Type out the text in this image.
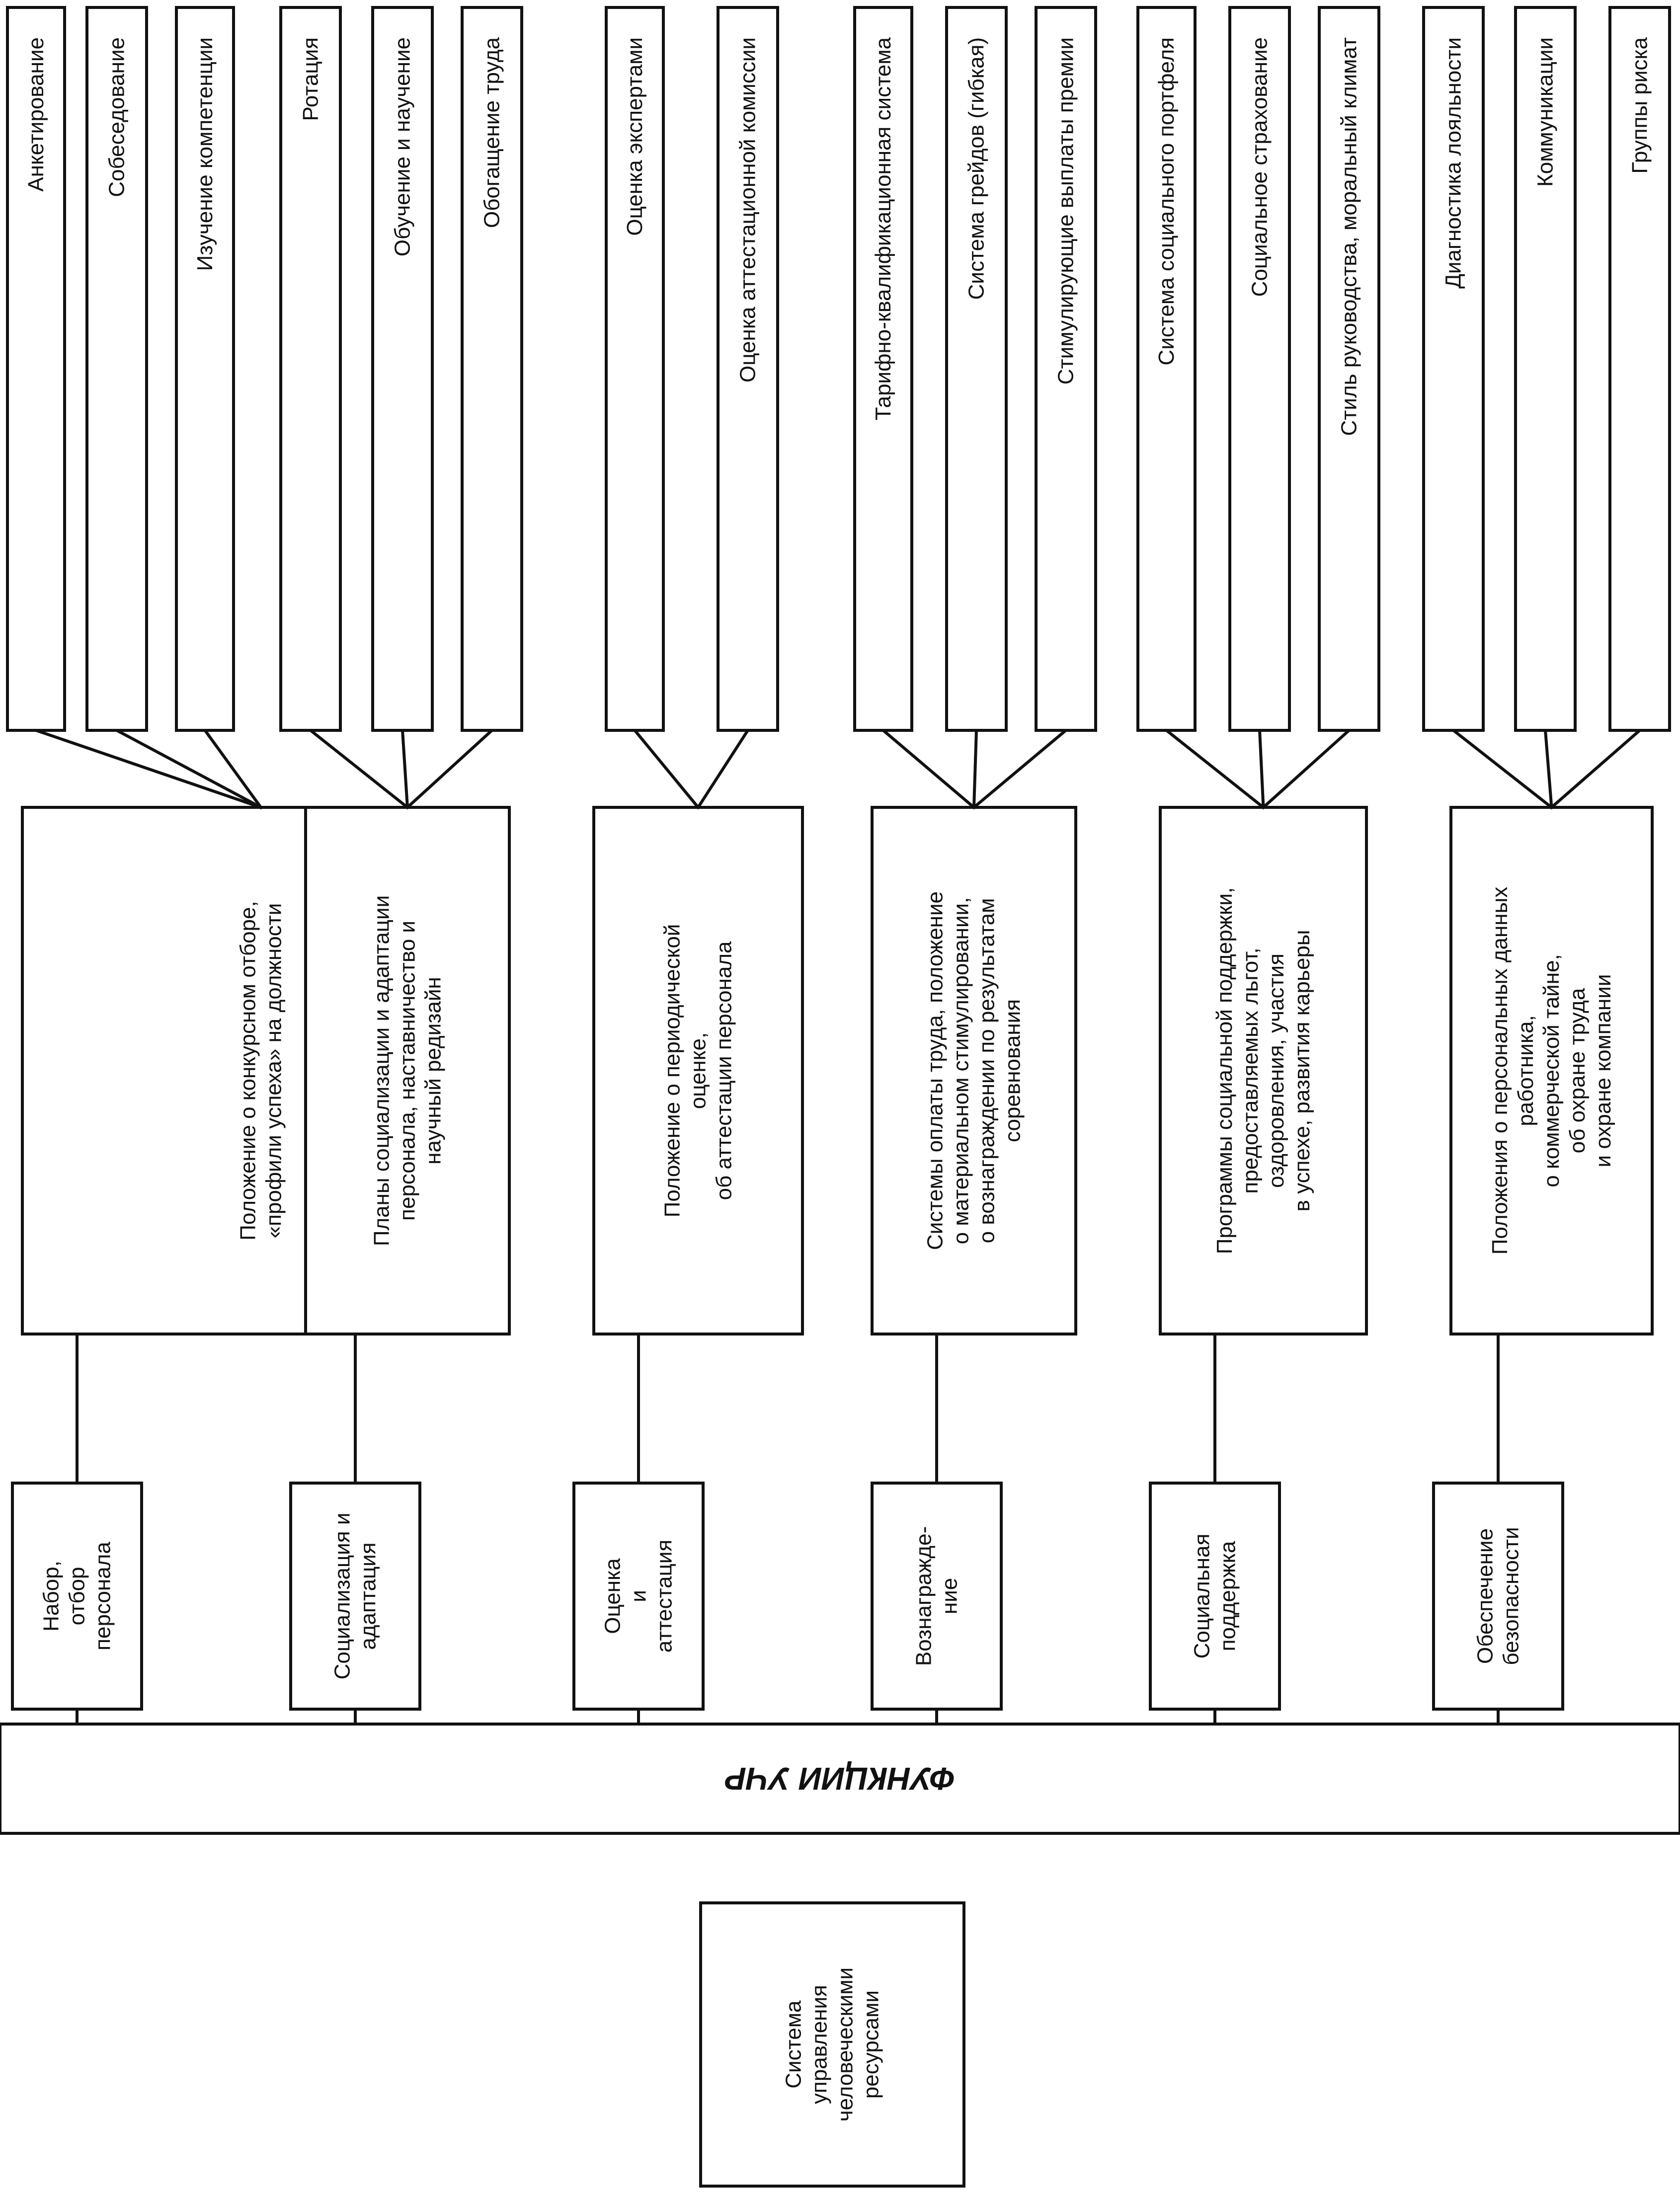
Система управления человеческими ресурсами
Набор, отбор персонала
Положение о конкурсном отборе, «профили успеха» на должности
Анкетирование	Собеседование	Изучение компетенции
Социализация и адаптация
Планы социализации и адаптации персонала, наставничество и научный редизайн
Ротация	Обучение и научение	Обогащение труда
Оценка и аттестация
Положение о периодической оценке, об аттестации персонала
Оценка экспертами	Оценка аттестационной комиссии
Вознагражде- ние
Системы оплаты труда, положение о материальном стимулировании, о вознаграждении по результатам соревнования
Тарифно-квалификационная система	Система грейдов (гибкая)	Стимулирующие выплаты премии
Социальная поддержка
Программы социальной поддержки, предоставляемых льгот, оздоровления, участия в успехе, развития карьеры
Система социального портфеля	Социальное страхование	Стиль руководства, моральный климат
Обеспечение безопасности
Положения о персональных данных работника, о коммерческой тайне, об охране труда и охране компании
Диагностика лояльности	Коммуникации	Группы риска
ФУНКЦИИ УЧР
